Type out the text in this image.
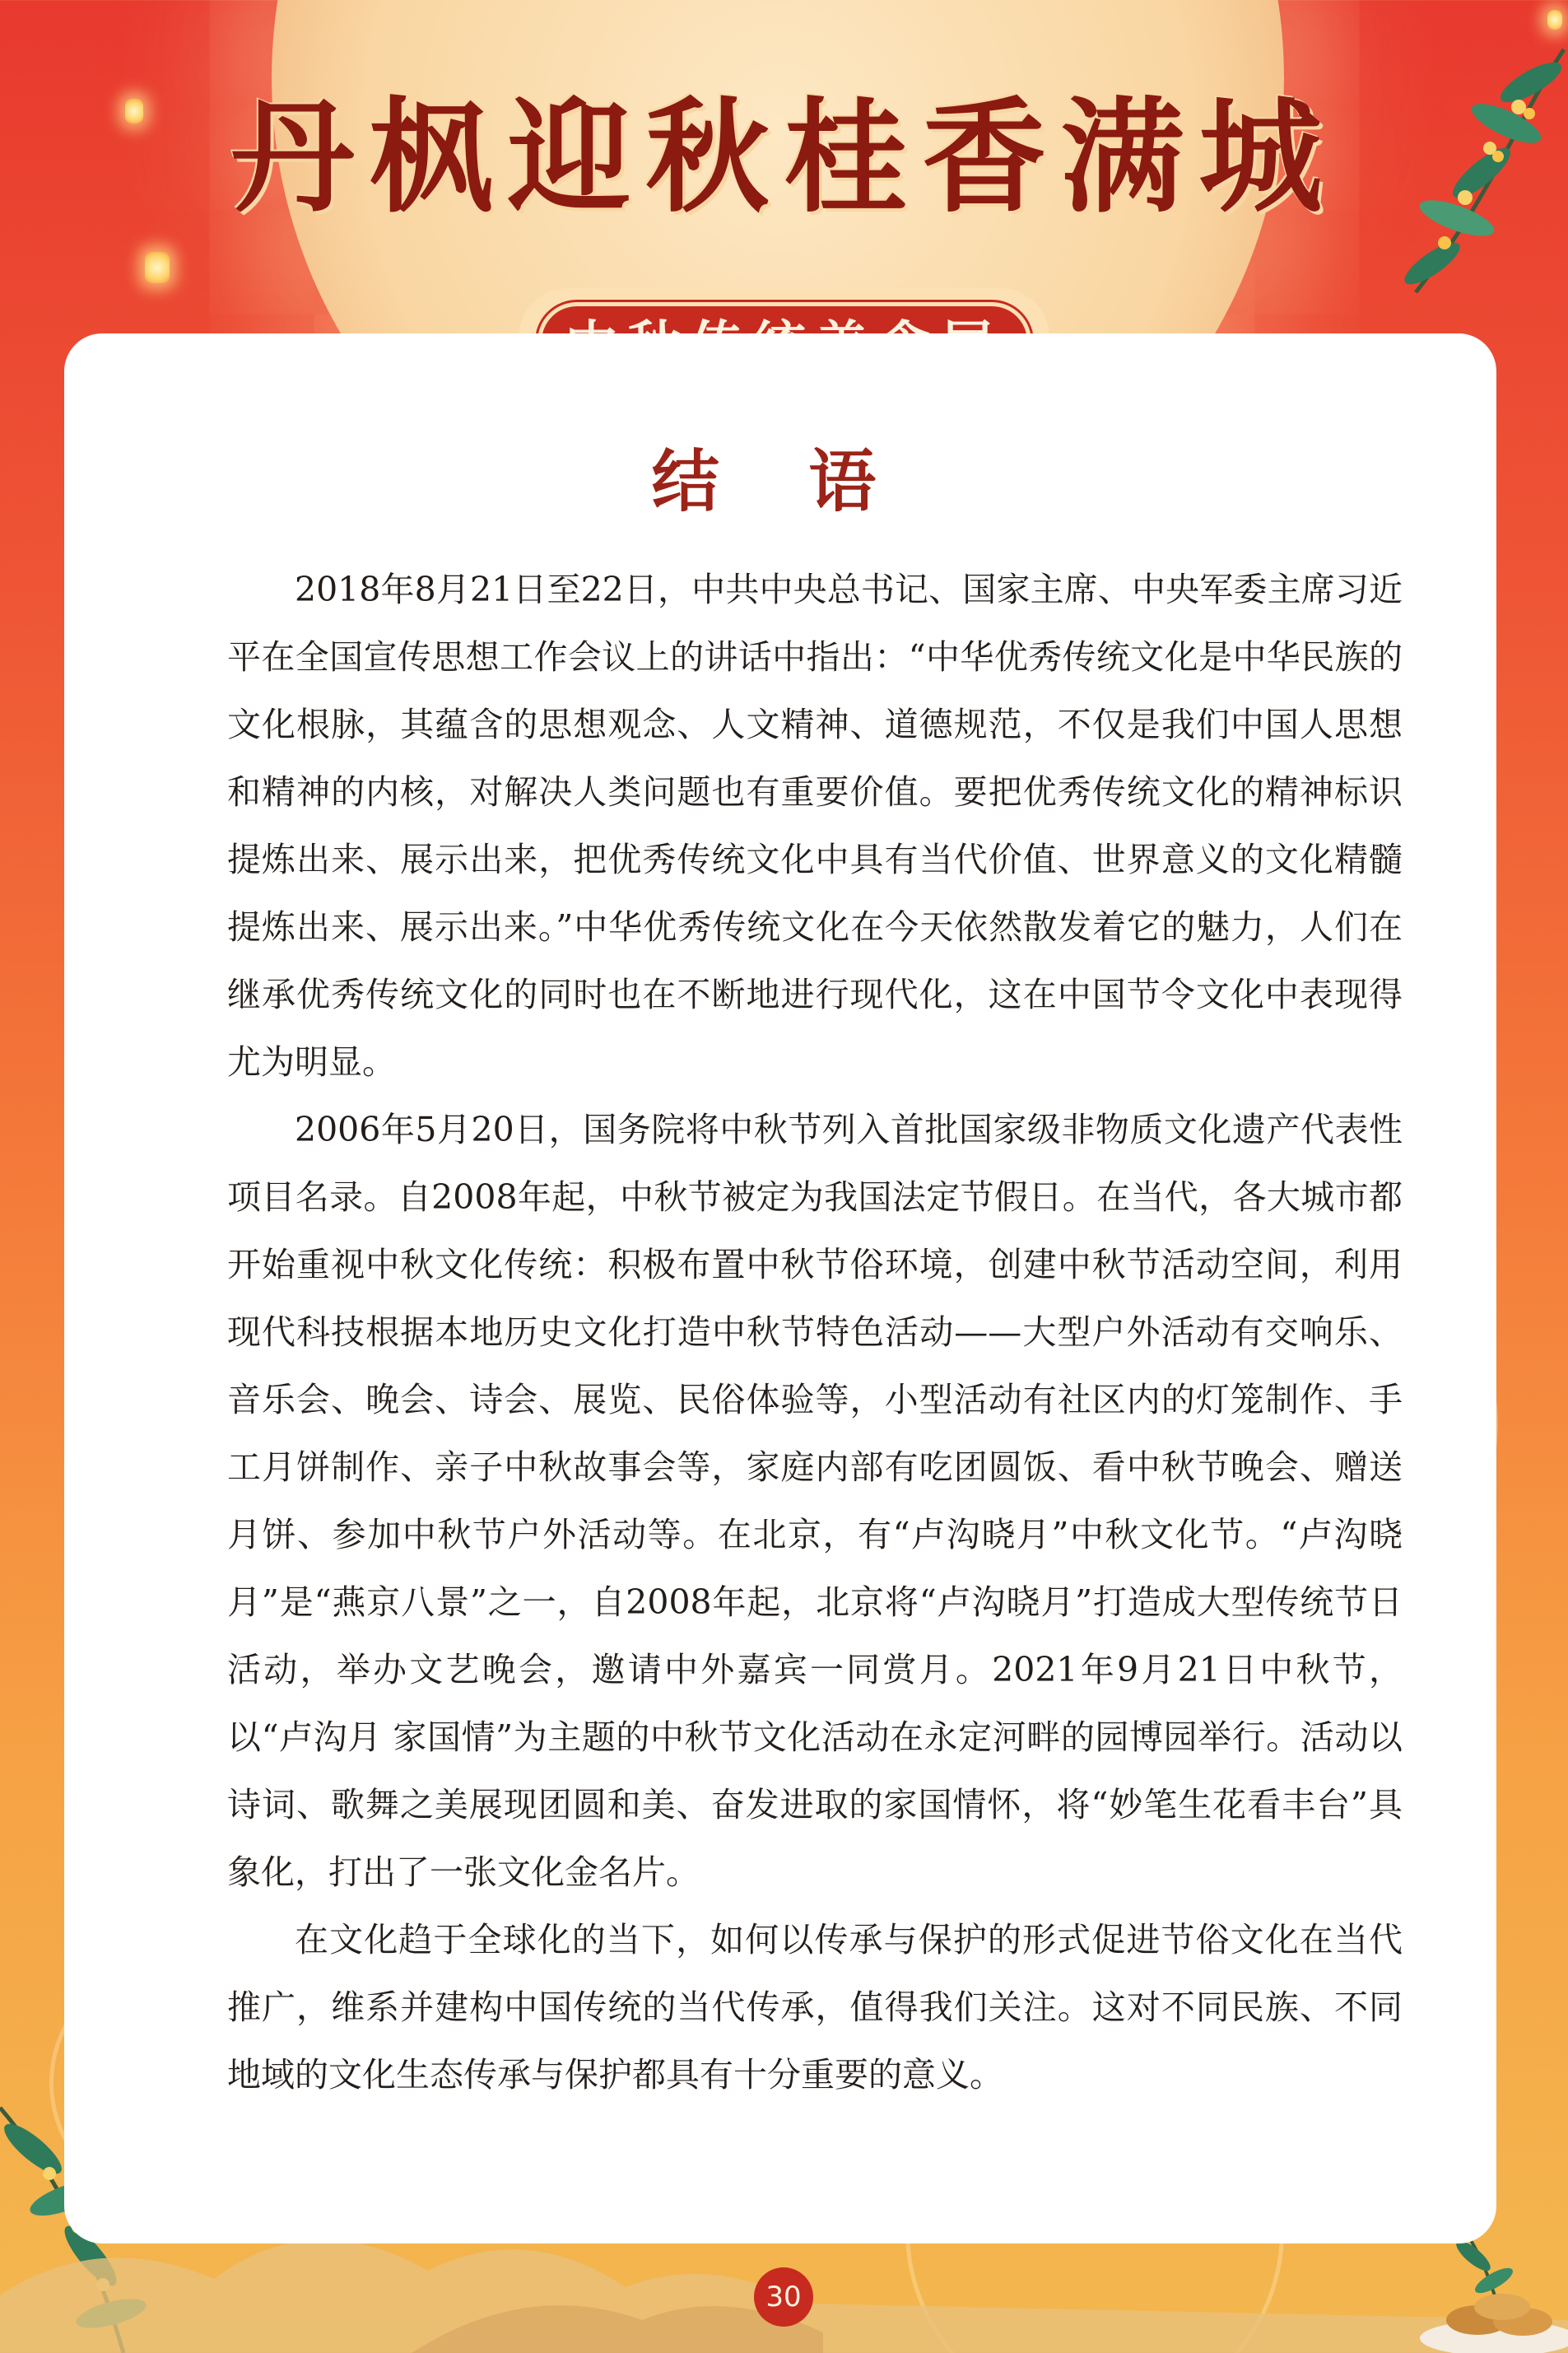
丹枫迎秋桂香满城
结 语

2018年8月21日至22日，中共中央总书记、国家主席、中央军委主席习近平在全国宣传思想工作会议上的讲话中指出：“中华优秀传统文化是中华民族的文化根脉，其蕴含的思想观念、人文精神、道德规范，不仅是我们中国人思想和精神的内核，对解决人类问题也有重要价值。要把优秀传统文化的精神标识提炼出来、展示出来，把优秀传统文化中具有当代价值、世界意义的文化精髓提炼出来、展示出来。”中华优秀传统文化在今天依然散发着它的魅力，人们在继承优秀传统文化的同时也在不断地进行现代化，这在中国节令文化中表现得尤为明显。

2006年5月20日，国务院将中秋节列入首批国家级非物质文化遗产代表性项目名录。自2008年起，中秋节被定为我国法定节假日。在当代，各大城市都开始重视中秋文化传统：积极布置中秋节俗环境，创建中秋节活动空间，利用现代科技根据本地历史文化打造中秋节特色活动——大型户外活动有交响乐、音乐会、晚会、诗会、展览、民俗体验等，小型活动有社区内的灯笼制作、手工月饼制作、亲子中秋故事会等，家庭内部有吃团圆饭、看中秋节晚会、赠送月饼、参加中秋节户外活动等。在北京，有“卢沟晓月”中秋文化节。“卢沟晓月”是“燕京八景”之一，自2008年起，北京将“卢沟晓月”打造成大型传统节日活动，举办文艺晚会，邀请中外嘉宾一同赏月。2021年9月21日中秋节，以“卢沟月 家国情”为主题的中秋节文化活动在永定河畔的园博园举行。活动以诗词、歌舞之美展现团圆和美、奋发进取的家国情怀，将“妙笔生花看丰台”具象化，打出了一张文化金名片。

在文化趋于全球化的当下，如何以传承与保护的形式促进节俗文化在当代推广，维系并建构中国传统的当代传承，值得我们关注。这对不同民族、不同地域的文化生态传承与保护都具有十分重要的意义。

30
